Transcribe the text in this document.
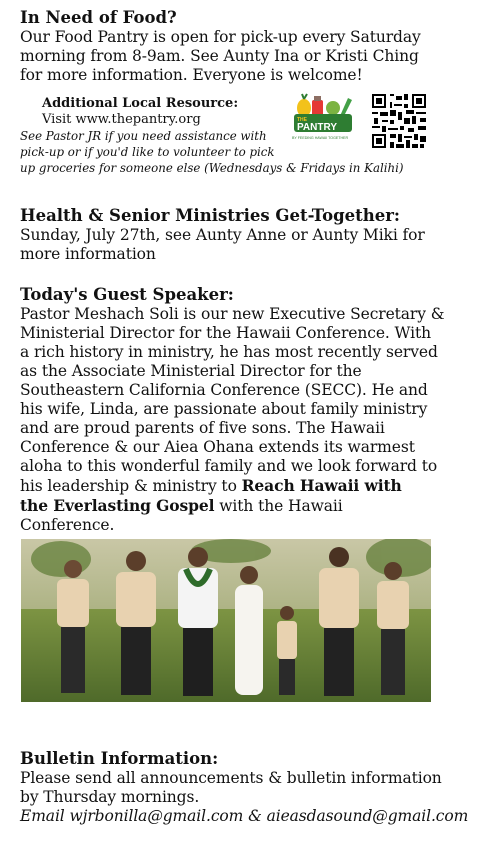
In Need of Food?

Our Food Pantry is open for pick-up every Saturday

morning from 8-9am. See Aunty Ina or Kristi Ching

for more information. Everyone is welcome!

Additional Local Resource:
Visit www.thepantry.org
See Pastor JR if you need assistance with
pick-up or if you'd like to volunteer to pick
up groceries for someone else (Wednesdays & Fridays in Kalihi)
THE
PANTRY
BY FEEDING HAWAII TOGETHER

Health & Senior Ministries Get-Together:

Sunday, July 27th, see Aunty Anne or Aunty Miki for

more information

Today's Guest Speaker:

Pastor Meshach Soli is our new Executive Secretary &

Ministerial Director for the Hawaii Conference. With

a rich history in ministry, he has most recently served

as the Associate Ministerial Director for the

Southeastern California Conference (SECC). He and

his wife, Linda, are passionate about family ministry

and are proud parents of five sons. The Hawaii

Conference & our Aiea Ohana extends its warmest

aloha to this wonderful family and we look forward to

his leadership & ministry to Reach Hawaii with

the Everlasting Gospel with the Hawaii

Conference.

Bulletin Information:

Please send all announcements & bulletin information

by Thursday mornings.

Email wjrbonilla@gmail.com & aieasdasound@gmail.com
